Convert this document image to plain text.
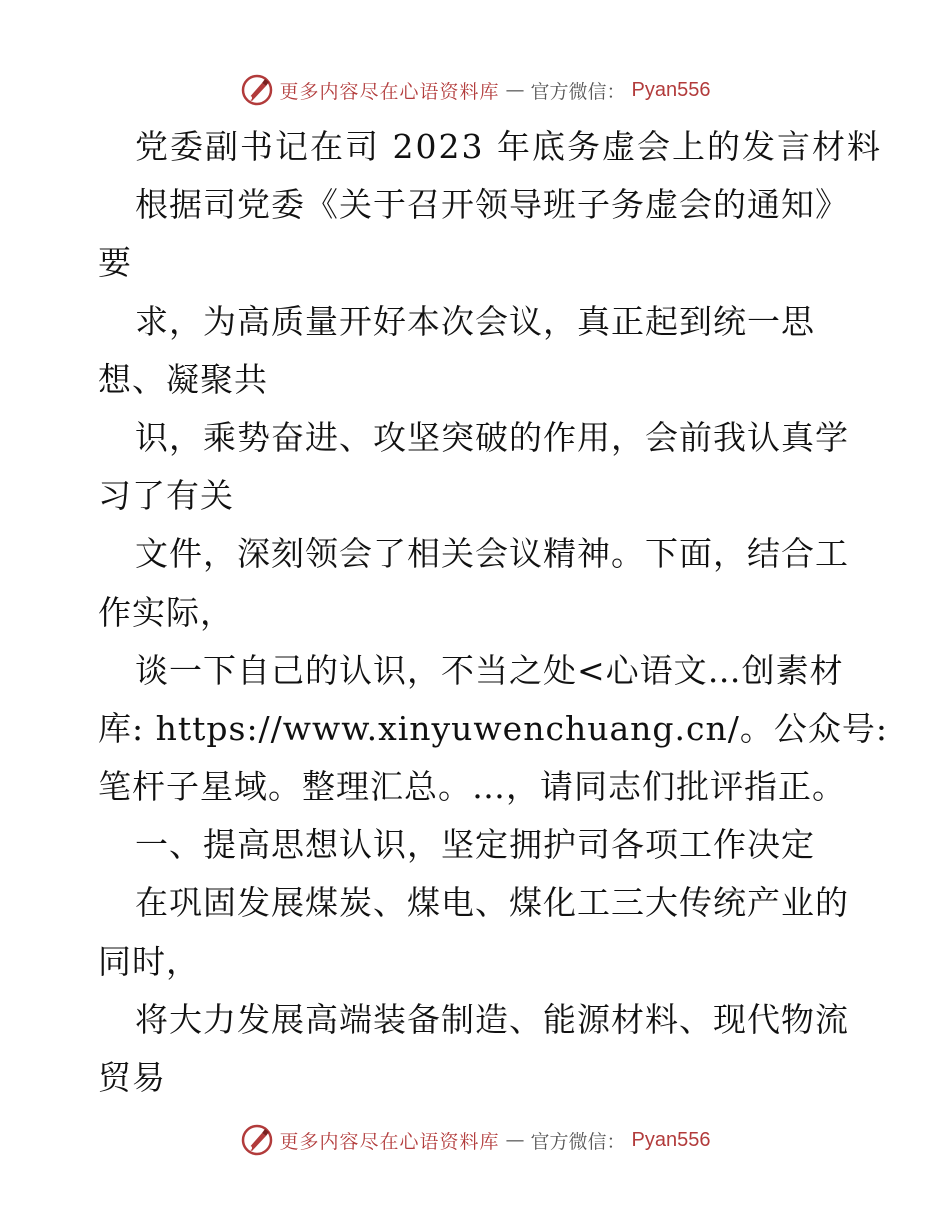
更多内容尽在心语资料库 — 官方微信： Pyan556
党委副书记在司 2023 年底务虚会上的发言材料
根据司党委《关于召开领导班子务虚会的通知》
要
求，为高质量开好本次会议，真正起到统一思
想、凝聚共
识，乘势奋进、攻坚突破的作用，会前我认真学
习了有关
文件，深刻领会了相关会议精神。下面，结合工
作实际，
谈一下自己的认识，不当之处<心语文…创素材
库: https://www.xinyuwenchuang.cn/。公众号:
笔杆子星域。整理汇总。…，请同志们批评指正。
一、提高思想认识，坚定拥护司各项工作决定
在巩固发展煤炭、煤电、煤化工三大传统产业的
同时，
将大力发展高端装备制造、能源材料、现代物流
贸易
更多内容尽在心语资料库 — 官方微信： Pyan556
